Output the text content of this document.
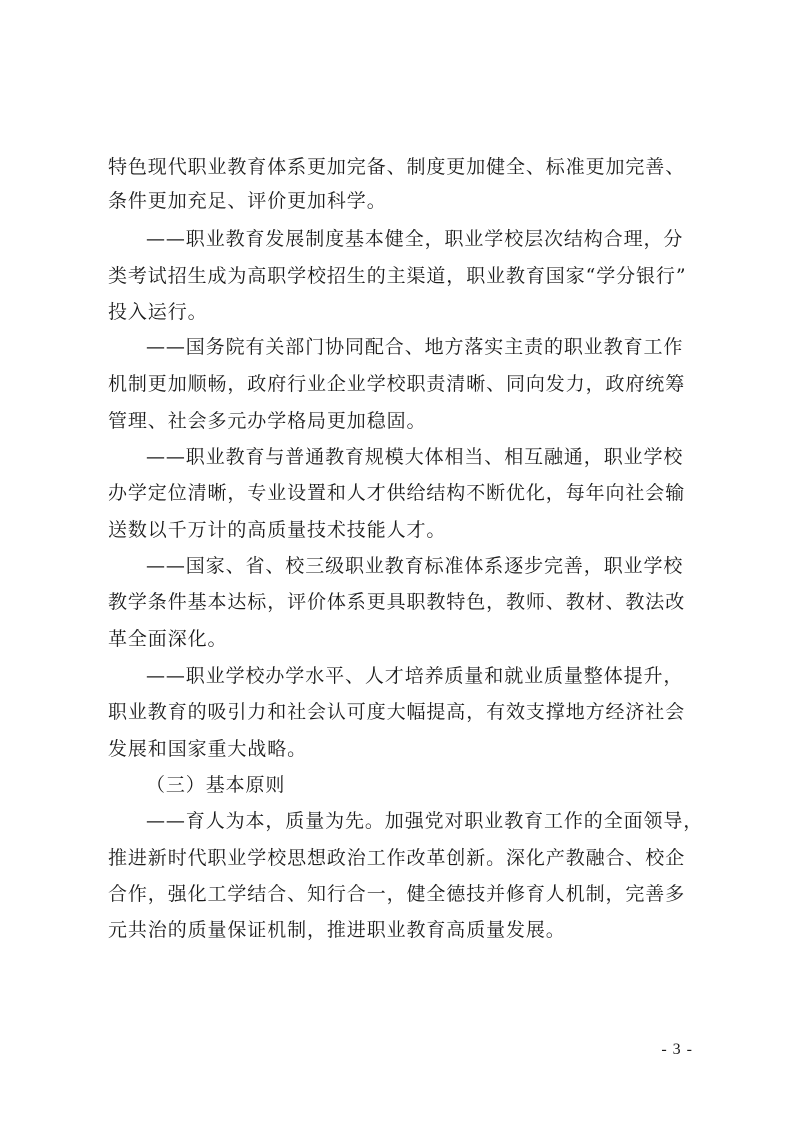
特色现代职业教育体系更加完备、制度更加健全、标准更加完善、
条件更加充足、评价更加科学。
——职业教育发展制度基本健全，职业学校层次结构合理，分
类考试招生成为高职学校招生的主渠道，职业教育国家“学分银行”
投入运行。
——国务院有关部门协同配合、地方落实主责的职业教育工作
机制更加顺畅，政府行业企业学校职责清晰、同向发力，政府统筹
管理、社会多元办学格局更加稳固。
——职业教育与普通教育规模大体相当、相互融通，职业学校
办学定位清晰，专业设置和人才供给结构不断优化，每年向社会输
送数以千万计的高质量技术技能人才。
——国家、省、校三级职业教育标准体系逐步完善，职业学校
教学条件基本达标，评价体系更具职教特色，教师、教材、教法改
革全面深化。
——职业学校办学水平、人才培养质量和就业质量整体提升，
职业教育的吸引力和社会认可度大幅提高，有效支撑地方经济社会
发展和国家重大战略。
（三）基本原则
——育人为本，质量为先。加强党对职业教育工作的全面领导，
推进新时代职业学校思想政治工作改革创新。深化产教融合、校企
合作，强化工学结合、知行合一，健全德技并修育人机制，完善多
元共治的质量保证机制，推进职业教育高质量发展。
- 3 -
